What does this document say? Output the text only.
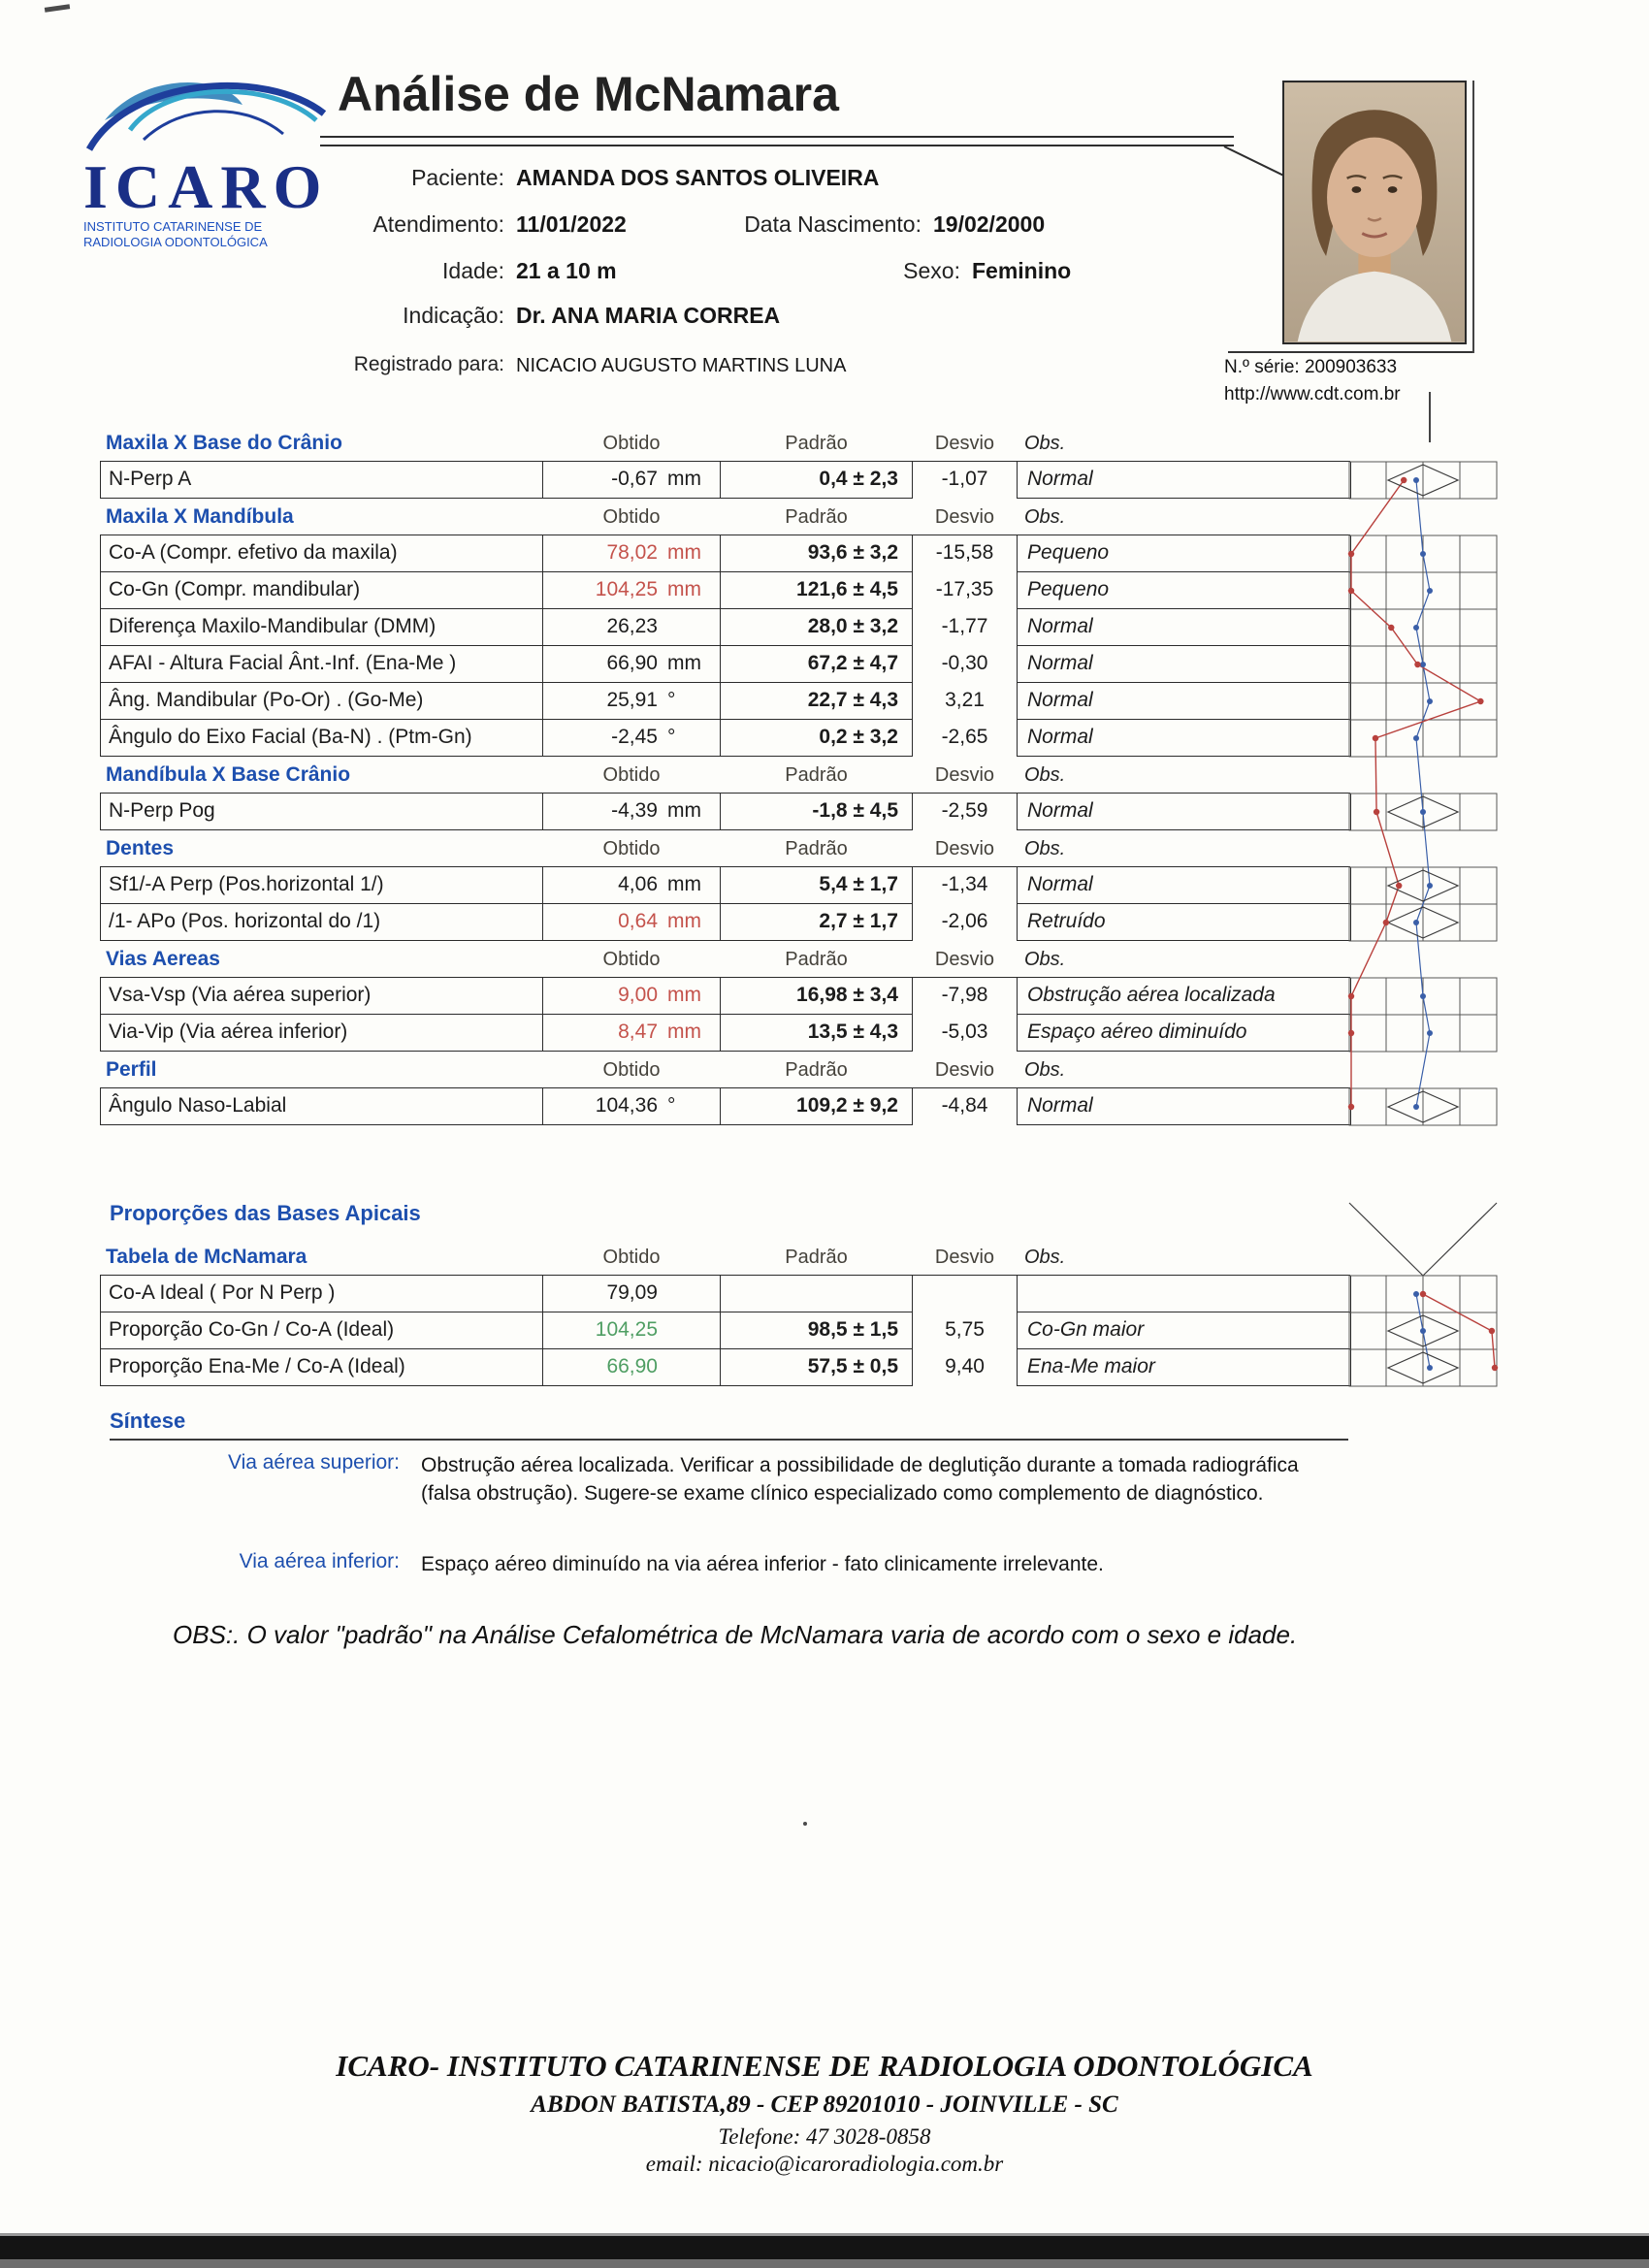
ICARO
INSTITUTO CATARINENSE DE
RADIOLOGIA ODONTOLÓGICA
Análise de McNamara
Paciente: AMANDA DOS SANTOS OLIVEIRA
Atendimento: 11/01/2022	Data Nascimento: 19/02/2000
Idade: 21 a 10 m	Sexo: Feminino
Indicação: Dr. ANA MARIA CORREA
Registrado para: NICACIO AUGUSTO MARTINS LUNA	N.º série: 200903633
http://www.cdt.com.br
Maxila X Base do Crânio	Obtido	Padrão	Desvio	Obs.
N-Perp A	-0,67 mm	0,4 ± 2,3	-1,07	Normal
Maxila X Mandíbula	Obtido	Padrão	Desvio	Obs.
Co-A (Compr. efetivo da maxila)	78,02 mm	93,6 ± 3,2	-15,58	Pequeno
Co-Gn (Compr. mandibular)	104,25 mm	121,6 ± 4,5	-17,35	Pequeno
Diferença Maxilo-Mandibular (DMM)	26,23	28,0 ± 3,2	-1,77	Normal
AFAI - Altura Facial Ânt.-Inf. (Ena-Me )	66,90 mm	67,2 ± 4,7	-0,30	Normal
Âng. Mandibular (Po-Or) . (Go-Me)	25,91 °	22,7 ± 4,3	3,21	Normal
Ângulo do Eixo Facial (Ba-N) . (Ptm-Gn)	-2,45 °	0,2 ± 3,2	-2,65	Normal
Mandíbula X Base Crânio	Obtido	Padrão	Desvio	Obs.
N-Perp Pog	-4,39 mm	-1,8 ± 4,5	-2,59	Normal
Dentes	Obtido	Padrão	Desvio	Obs.
Sf1/-A Perp (Pos.horizontal 1/)	4,06 mm	5,4 ± 1,7	-1,34	Normal
/1- APo (Pos. horizontal do /1)	0,64 mm	2,7 ± 1,7	-2,06	Retruído
Vias Aereas	Obtido	Padrão	Desvio	Obs.
Vsa-Vsp (Via aérea superior)	9,00 mm	16,98 ± 3,4	-7,98	Obstrução aérea localizada
Via-Vip (Via aérea inferior)	8,47 mm	13,5 ± 4,3	-5,03	Espaço aéreo diminuído
Perfil	Obtido	Padrão	Desvio	Obs.
Ângulo Naso-Labial	104,36 °	109,2 ± 9,2	-4,84	Normal
Proporções das Bases Apicais
Tabela de McNamara	Obtido	Padrão	Desvio	Obs.
Co-A Ideal ( Por N Perp )	79,09
Proporção Co-Gn / Co-A (Ideal)	104,25	98,5 ± 1,5	5,75	Co-Gn maior
Proporção Ena-Me / Co-A (Ideal)	66,90	57,5 ± 0,5	9,40	Ena-Me maior
Síntese
Via aérea superior: Obstrução aérea localizada. Verificar a possibilidade de deglutição durante a tomada radiográfica (falsa obstrução). Sugere-se exame clínico especializado como complemento de diagnóstico.
Via aérea inferior: Espaço aéreo diminuído na via aérea inferior - fato clinicamente irrelevante.
OBS:. O valor "padrão" na Análise Cefalométrica de McNamara varia de acordo com o sexo e idade.
ICARO- INSTITUTO CATARINENSE DE RADIOLOGIA ODONTOLÓGICA
ABDON BATISTA,89 - CEP 89201010 - JOINVILLE - SC
Telefone: 47 3028-0858
email: nicacio@icaroradiologia.com.br
